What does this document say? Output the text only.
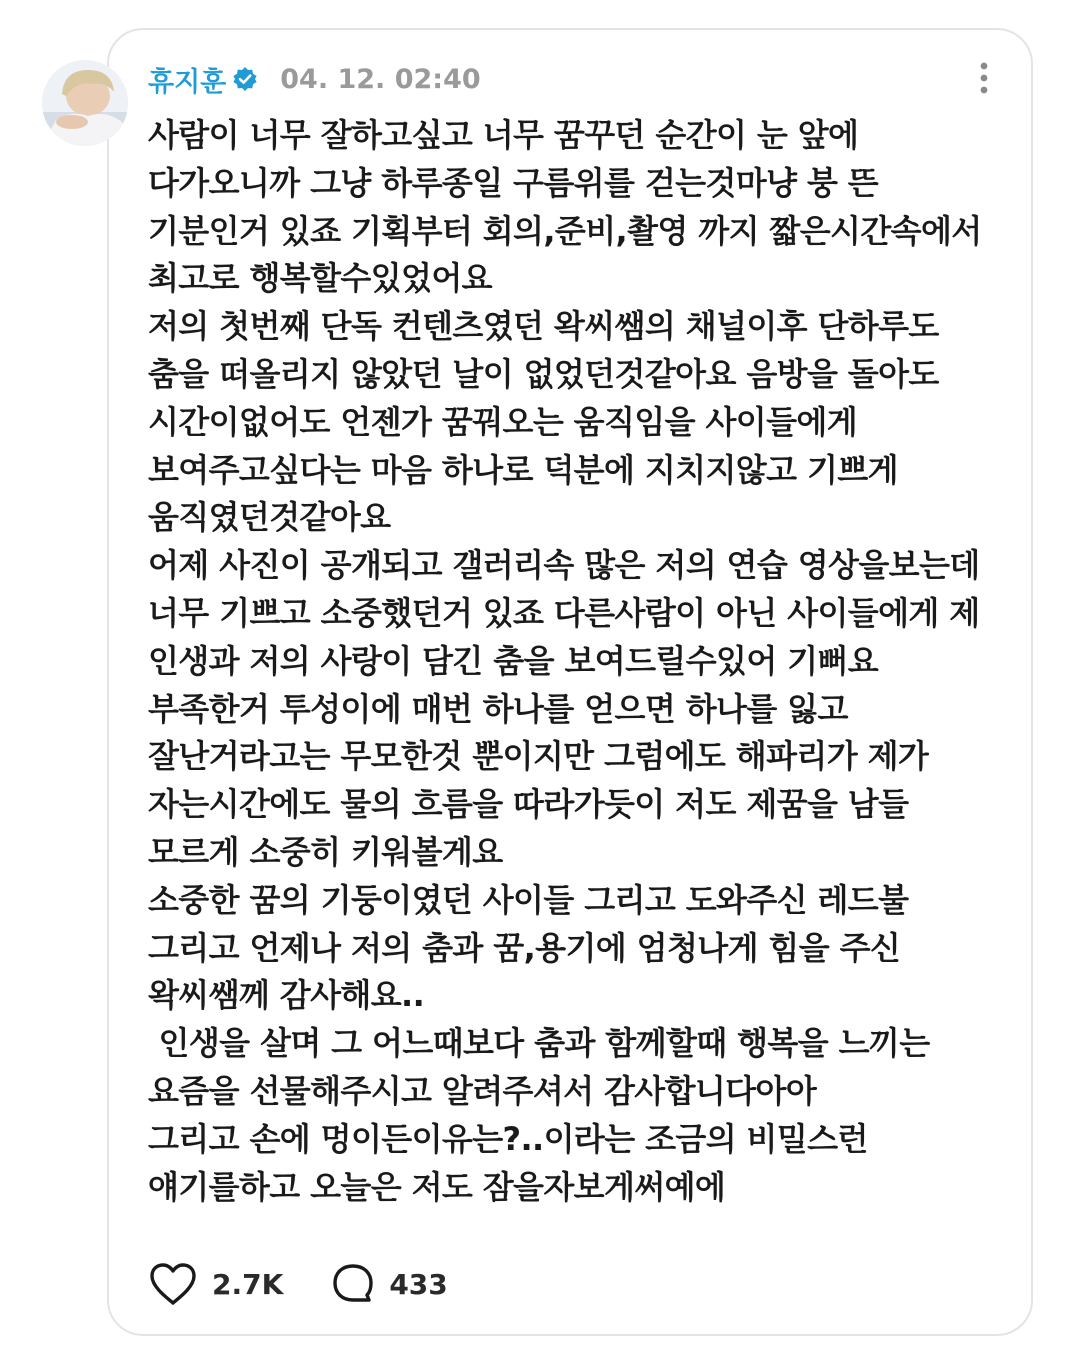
휴지훈 04. 12. 02:40
사람이 너무 잘하고싶고 너무 꿈꾸던 순간이 눈 앞에
다가오니까 그냥 하루종일 구름위를 걷는것마냥 붕 뜬
기분인거 있죠 기획부터 회의,준비,촬영 까지 짧은시간속에서
최고로 행복할수있었어요
저의 첫번째 단독 컨텐츠였던 왁씨쌤의 채널이후 단하루도
춤을 떠올리지 않았던 날이 없었던것같아요 음방을 돌아도
시간이없어도 언젠가 꿈꿔오는 움직임을 사이들에게
보여주고싶다는 마음 하나로 덕분에 지치지않고 기쁘게
움직였던것같아요
어제 사진이 공개되고 갤러리속 많은 저의 연습 영상을보는데
너무 기쁘고 소중했던거 있죠 다른사람이 아닌 사이들에게 제
인생과 저의 사랑이 담긴 춤을 보여드릴수있어 기뻐요
부족한거 투성이에 매번 하나를 얻으면 하나를 잃고
잘난거라고는 무모한것 뿐이지만 그럼에도 해파리가 제가
자는시간에도 물의 흐름을 따라가듯이 저도 제꿈을 남들
모르게 소중히 키워볼게요
소중한 꿈의 기둥이였던 사이들 그리고 도와주신 레드불
그리고 언제나 저의 춤과 꿈,용기에 엄청나게 힘을 주신
왁씨쌤께 감사해요..
인생을 살며 그 어느때보다 춤과 함께할때 행복을 느끼는
요즘을 선물해주시고 알려주셔서 감사합니다아아
그리고 손에 멍이든이유는?..이라는 조금의 비밀스런
얘기를하고 오늘은 저도 잠을자보게써예에
2.7K	433
